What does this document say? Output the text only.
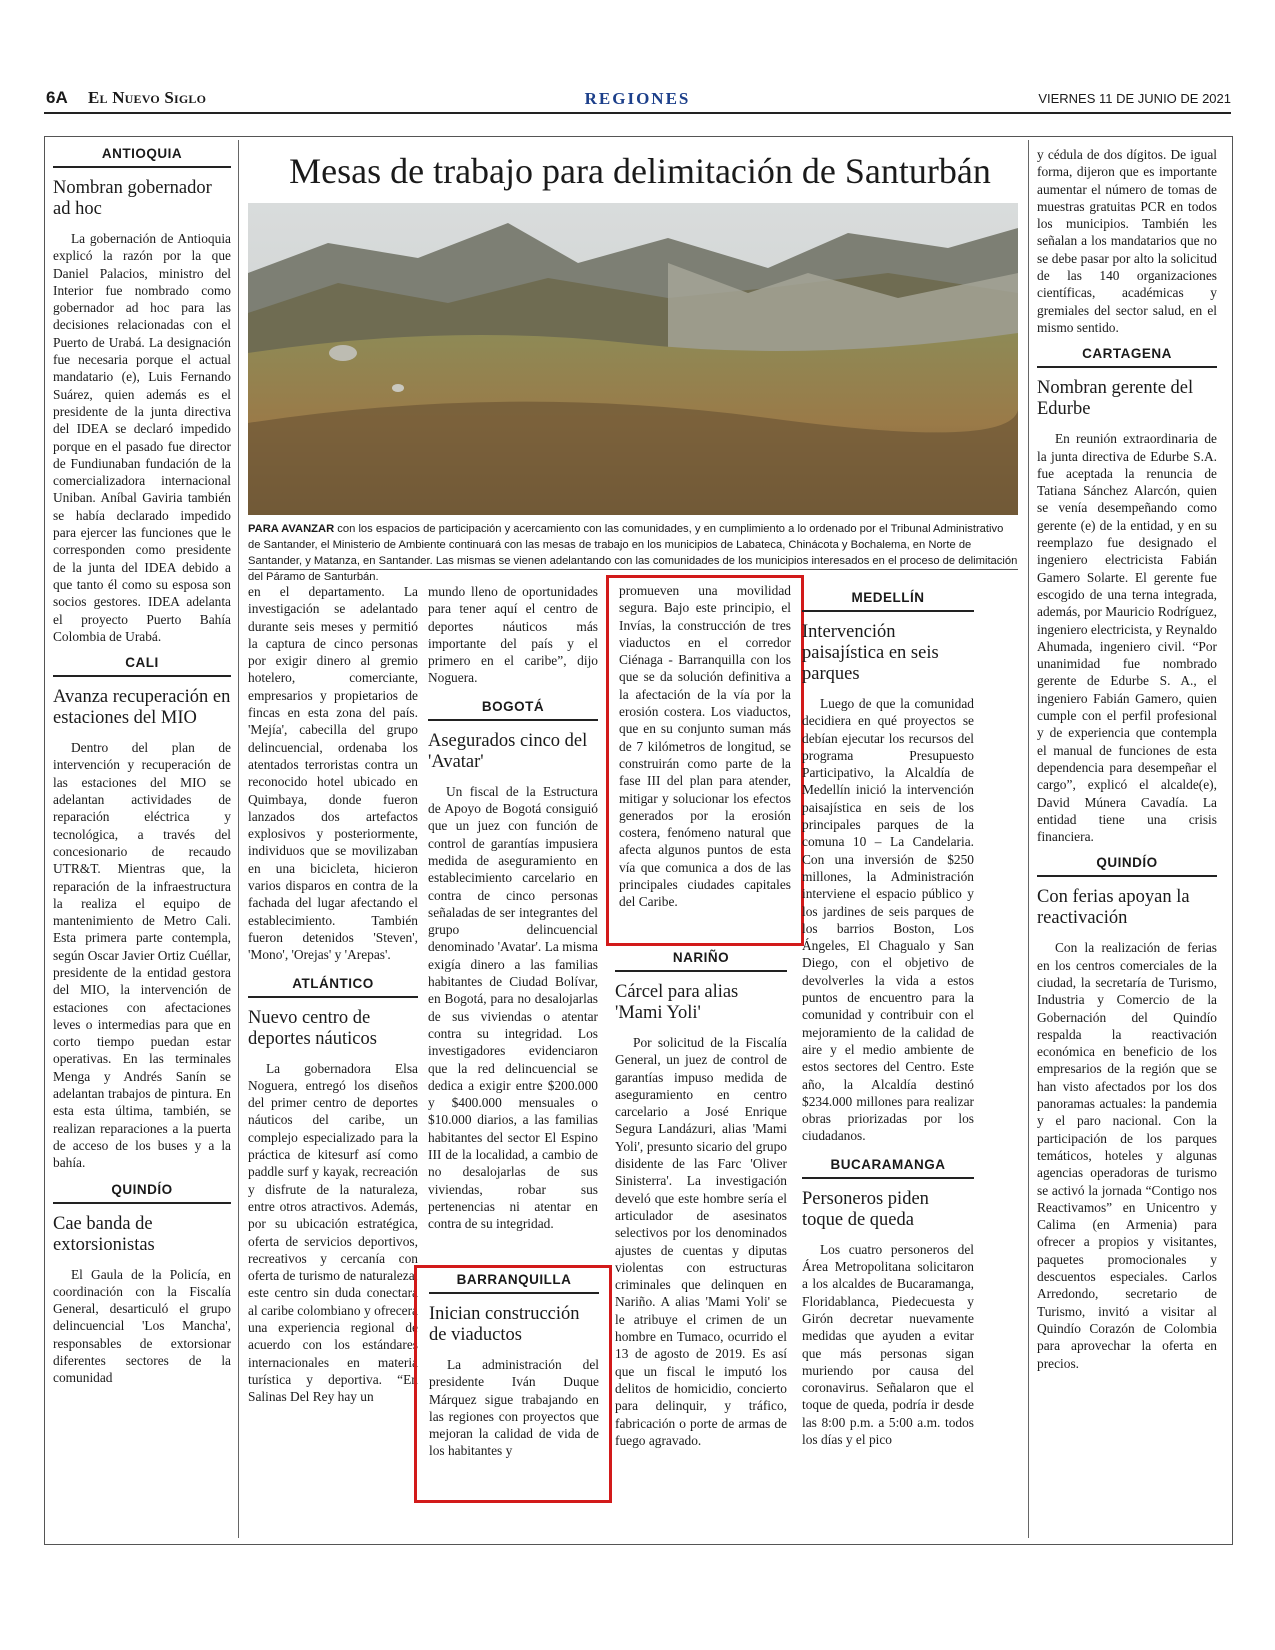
6A El Nuevo Siglo	REGIONES	VIERNES 11 DE JUNIO DE 2021
Mesas de trabajo para delimitación de Santurbán
PARA AVANZAR con los espacios de participación y acercamiento con las comunidades, y en cumplimiento a lo ordenado por el Tribunal Administrativo de Santander, el Ministerio de Ambiente continuará con las mesas de trabajo en los municipios de Labateca, Chinácota y Bochalema, en Norte de Santander, y Matanza, en Santander. Las mismas se vienen adelantando con las comunidades de los municipios interesados en el proceso de delimitación del Páramo de Santurbán.
ANTIOQUIA
Nombran gobernador ad hoc

La gobernación de Antioquia explicó la razón por la que Daniel Palacios, ministro del Interior fue nombrado como gobernador ad hoc para las decisiones relacionadas con el Puerto de Urabá. La designación fue necesaria porque el actual mandatario (e), Luis Fernando Suárez, quien además es el presidente de la junta directiva del IDEA se declaró impedido porque en el pasado fue director de Fundiunaban fundación de la comercializadora internacional Uniban. Aníbal Gaviria también se había declarado impedido para ejercer las funciones que le corresponden como presidente de la junta del IDEA debido a que tanto él como su esposa son socios gestores. IDEA adelanta el proyecto Puerto Bahía Colombia de Urabá.

CALI
Avanza recuperación en estaciones del MIO

Dentro del plan de intervención y recuperación de las estaciones del MIO se adelantan actividades de reparación eléctrica y tecnológica, a través del concesionario de recaudo UTR&T. Mientras que, la reparación de la infraestructura la realiza el equipo de mantenimiento de Metro Cali. Esta primera parte contempla, según Oscar Javier Ortiz Cuéllar, presidente de la entidad gestora del MIO, la intervención de estaciones con afectaciones leves o intermedias para que en corto tiempo puedan estar operativas. En las terminales Menga y Andrés Sanín se adelantan trabajos de pintura. En esta esta última, también, se realizan reparaciones a la puerta de acceso de los buses y a la bahía.

QUINDÍO
Cae banda de extorsionistas

El Gaula de la Policía, en coordinación con la Fiscalía General, desarticuló el grupo delincuencial 'Los Mancha', responsables de extorsionar diferentes sectores de la comunidad

en el departamento. La investigación se adelantado durante seis meses y permitió la captura de cinco personas por exigir dinero al gremio hotelero, comerciante, empresarios y propietarios de fincas en esta zona del país. 'Mejía', cabecilla del grupo delincuencial, ordenaba los atentados terroristas contra un reconocido hotel ubicado en Quimbaya, donde fueron lanzados dos artefactos explosivos y posteriormente, individuos que se movilizaban en una bicicleta, hicieron varios disparos en contra de la fachada del lugar afectando el establecimiento. También fueron detenidos 'Steven', 'Mono', 'Orejas' y 'Arepas'.

ATLÁNTICO
Nuevo centro de deportes náuticos

La gobernadora Elsa Noguera, entregó los diseños del primer centro de deportes náuticos del caribe, un complejo especializado para la práctica de kitesurf así como paddle surf y kayak, recreación y disfrute de la naturaleza, entre otros atractivos. Además, por su ubicación estratégica, oferta de servicios deportivos, recreativos y cercanía con oferta de turismo de naturaleza, este centro sin duda conectará al caribe colombiano y ofrecerá una experiencia regional de acuerdo con los estándares internacionales en materia turística y deportiva. “En Salinas Del Rey hay un

mundo lleno de oportunidades para tener aquí el centro de deportes náuticos más importante del país y el primero en el caribe”, dijo Noguera.

BOGOTÁ
Asegurados cinco del 'Avatar'

Un fiscal de la Estructura de Apoyo de Bogotá consiguió que un juez con función de control de garantías impusiera medida de aseguramiento en establecimiento carcelario en contra de cinco personas señaladas de ser integrantes del grupo delincuencial denominado 'Avatar'. La misma exigía dinero a las familias habitantes de Ciudad Bolívar, en Bogotá, para no desalojarlas de sus viviendas o atentar contra su integridad. Los investigadores evidenciaron que la red delincuencial se dedica a exigir entre $200.000 y $400.000 mensuales o $10.000 diarios, a las familias habitantes del sector El Espino III de la localidad, a cambio de no desalojarlas de sus viviendas, robar sus pertenencias ni atentar en contra de su integridad.

BARRANQUILLA
Inician construcción de viaductos

La administración del presidente Iván Duque Márquez sigue trabajando en las regiones con proyectos que mejoran la calidad de vida de los habitantes y

promueven una movilidad segura. Bajo este principio, el Invías, la construcción de tres viaductos en el corredor Ciénaga - Barranquilla con los que se da solución definitiva a la afectación de la vía por la erosión costera. Los viaductos, que en su conjunto suman más de 7 kilómetros de longitud, se construirán como parte de la fase III del plan para atender, mitigar y solucionar los efectos generados por la erosión costera, fenómeno natural que afecta algunos puntos de esta vía que comunica a dos de las principales ciudades capitales del Caribe.

NARIÑO
Cárcel para alias 'Mami Yoli'

Por solicitud de la Fiscalía General, un juez de control de garantías impuso medida de aseguramiento en centro carcelario a José Enrique Segura Landázuri, alias 'Mami Yoli', presunto sicario del grupo disidente de las Farc 'Oliver Sinisterra'. La investigación develó que este hombre sería el articulador de asesinatos selectivos por los denominados ajustes de cuentas y diputas violentas con estructuras criminales que delinquen en Nariño. A alias 'Mami Yoli' se le atribuye el crimen de un hombre en Tumaco, ocurrido el 13 de agosto de 2019. Es así que un fiscal le imputó los delitos de homicidio, concierto para delinquir, y tráfico, fabricación o porte de armas de fuego agravado.

MEDELLÍN
Intervención paisajística en seis parques

Luego de que la comunidad decidiera en qué proyectos se debían ejecutar los recursos del programa Presupuesto Participativo, la Alcaldía de Medellín inició la intervención paisajística en seis de los principales parques de la comuna 10 – La Candelaria. Con una inversión de $250 millones, la Administración interviene el espacio público y los jardines de seis parques de los barrios Boston, Los Ángeles, El Chagualo y San Diego, con el objetivo de devolverles la vida a estos puntos de encuentro para la comunidad y contribuir con el mejoramiento de la calidad de aire y el medio ambiente de estos sectores del Centro. Este año, la Alcaldía destinó $234.000 millones para realizar obras priorizadas por los ciudadanos.

BUCARAMANGA
Personeros piden toque de queda

Los cuatro personeros del Área Metropolitana solicitaron a los alcaldes de Bucaramanga, Floridablanca, Piedecuesta y Girón decretar nuevamente medidas que ayuden a evitar que más personas sigan muriendo por causa del coronavirus. Señalaron que el toque de queda, podría ir desde las 8:00 p.m. a 5:00 a.m. todos los días y el pico

y cédula de dos dígitos. De igual forma, dijeron que es importante aumentar el número de tomas de muestras gratuitas PCR en todos los municipios. También les señalan a los mandatarios que no se debe pasar por alto la solicitud de las 140 organizaciones científicas, académicas y gremiales del sector salud, en el mismo sentido.

CARTAGENA
Nombran gerente del Edurbe

En reunión extraordinaria de la junta directiva de Edurbe S.A. fue aceptada la renuncia de Tatiana Sánchez Alarcón, quien se venía desempeñando como gerente (e) de la entidad, y en su reemplazo fue designado el ingeniero electricista Fabián Gamero Solarte. El gerente fue escogido de una terna integrada, además, por Mauricio Rodríguez, ingeniero electricista, y Reynaldo Ahumada, ingeniero civil. “Por unanimidad fue nombrado gerente de Edurbe S. A., el ingeniero Fabián Gamero, quien cumple con el perfil profesional y de experiencia que contempla el manual de funciones de esta dependencia para desempeñar el cargo”, explicó el alcalde(e), David Múnera Cavadía. La entidad tiene una crisis financiera.

QUINDÍO
Con ferias apoyan la reactivación

Con la realización de ferias en los centros comerciales de la ciudad, la secretaría de Turismo, Industria y Comercio de la Gobernación del Quindío respalda la reactivación económica en beneficio de los empresarios de la región que se han visto afectados por los dos panoramas actuales: la pandemia y el paro nacional. Con la participación de los parques temáticos, hoteles y algunas agencias operadoras de turismo se activó la jornada “Contigo nos Reactivamos” en Unicentro y Calima (en Armenia) para ofrecer a propios y visitantes, paquetes promocionales y descuentos especiales. Carlos Arredondo, secretario de Turismo, invitó a visitar al Quindío Corazón de Colombia para aprovechar la oferta en precios.
